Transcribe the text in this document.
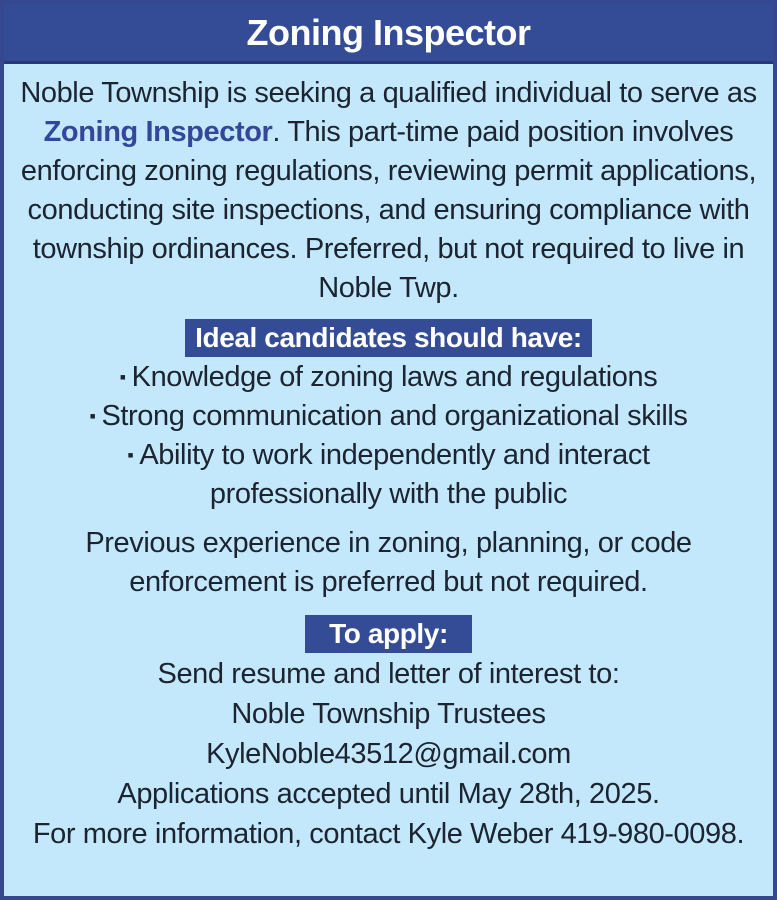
Zoning Inspector

Noble Township is seeking a qualified individual to serve as Zoning Inspector. This part-time paid position involves enforcing zoning regulations, reviewing permit applications, conducting site inspections, and ensuring compliance with township ordinances. Preferred, but not required to live in Noble Twp.

Ideal candidates should have:
▪ Knowledge of zoning laws and regulations
▪ Strong communication and organizational skills
▪ Ability to work independently and interact professionally with the public

Previous experience in zoning, planning, or code enforcement is preferred but not required.

To apply:
Send resume and letter of interest to:
Noble Township Trustees
KyleNoble43512@gmail.com
Applications accepted until May 28th, 2025.
For more information, contact Kyle Weber 419-980-0098.
